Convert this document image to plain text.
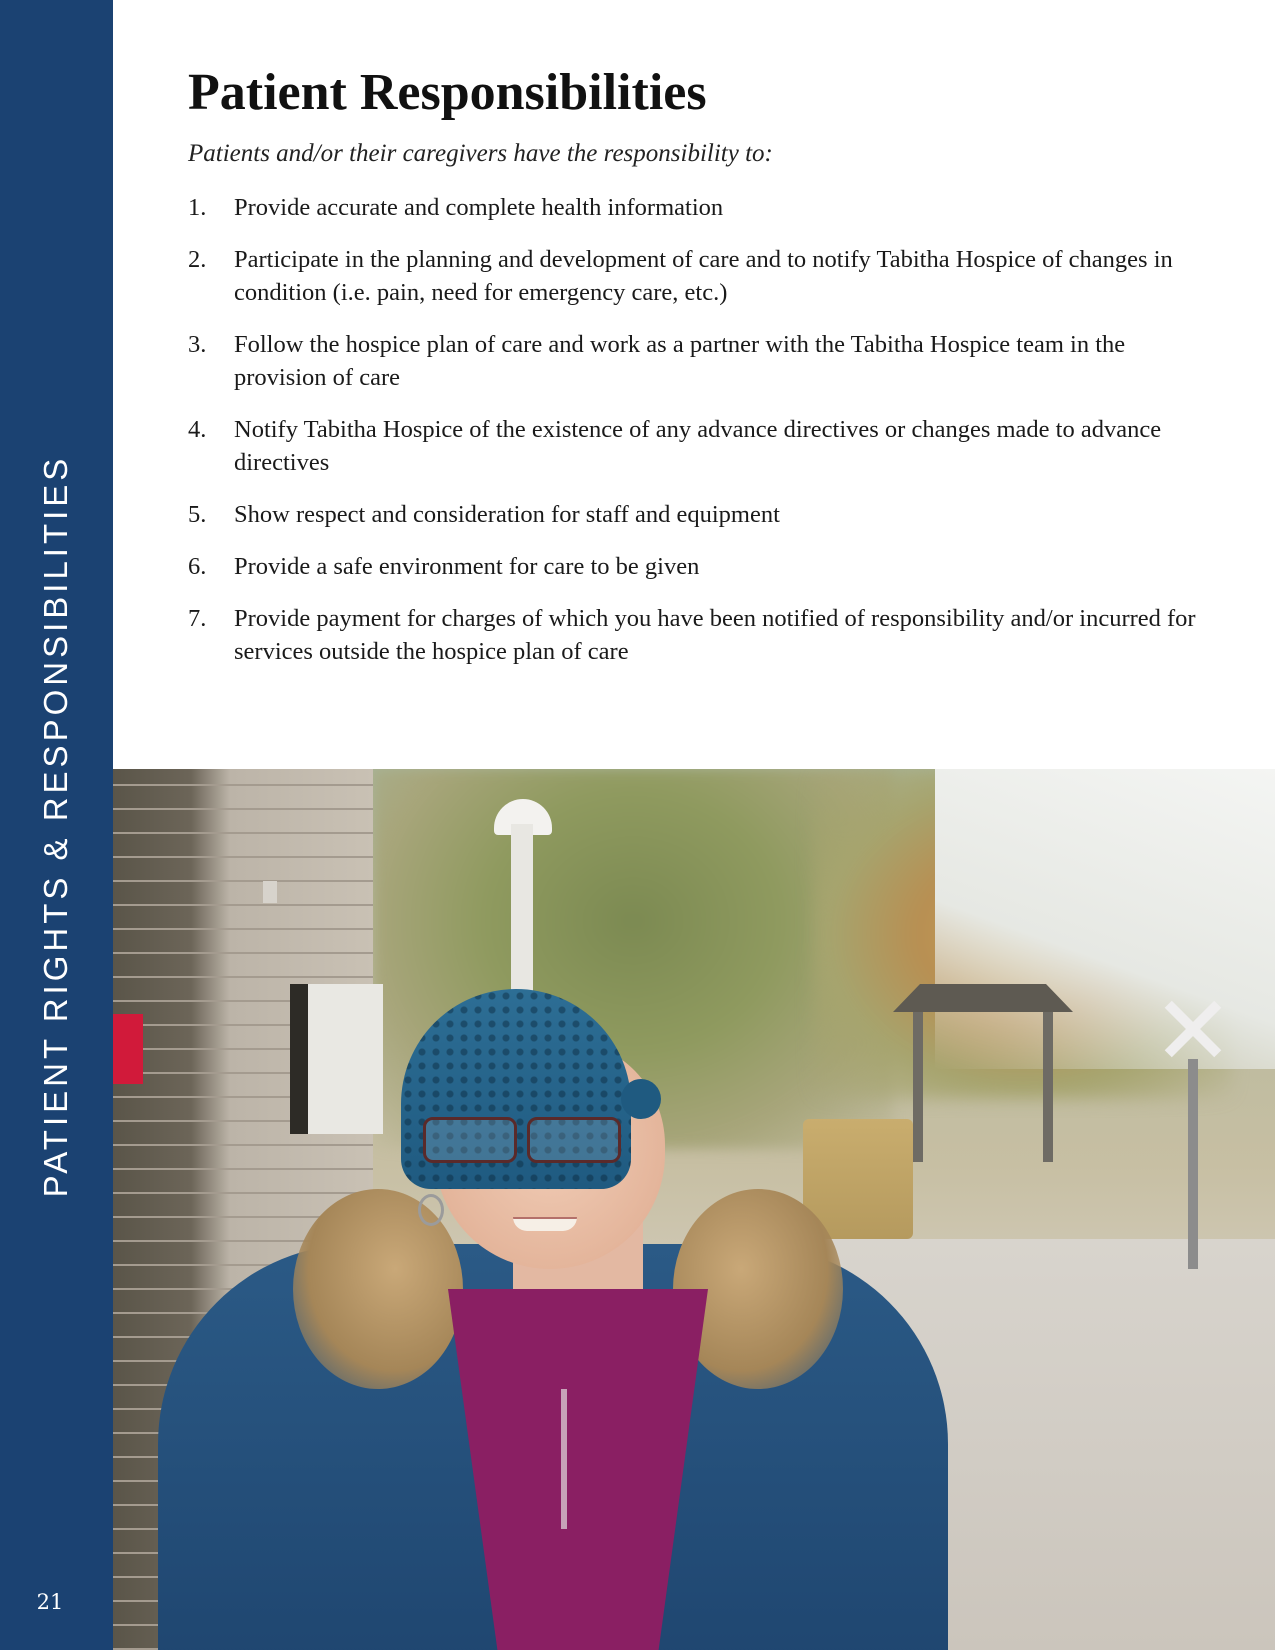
PATIENT RIGHTS & RESPONSIBILITIES
21
Patient Responsibilities

Patients and/or their caregivers have the responsibility to:

1.	Provide accurate and complete health information
2.	Participate in the planning and development of care and to notify Tabitha Hospice of changes in condition (i.e. pain, need for emergency care, etc.)
3.	Follow the hospice plan of care and work as a partner with the Tabitha Hospice team in the provision of care
4.	Notify Tabitha Hospice of the existence of any advance directives or changes made to advance directives
5.	Show respect and consideration for staff and equipment
6.	Provide a safe environment for care to be given
7.	Provide payment for charges of which you have been notified of responsibility and/or incurred for services outside the hospice plan of care
